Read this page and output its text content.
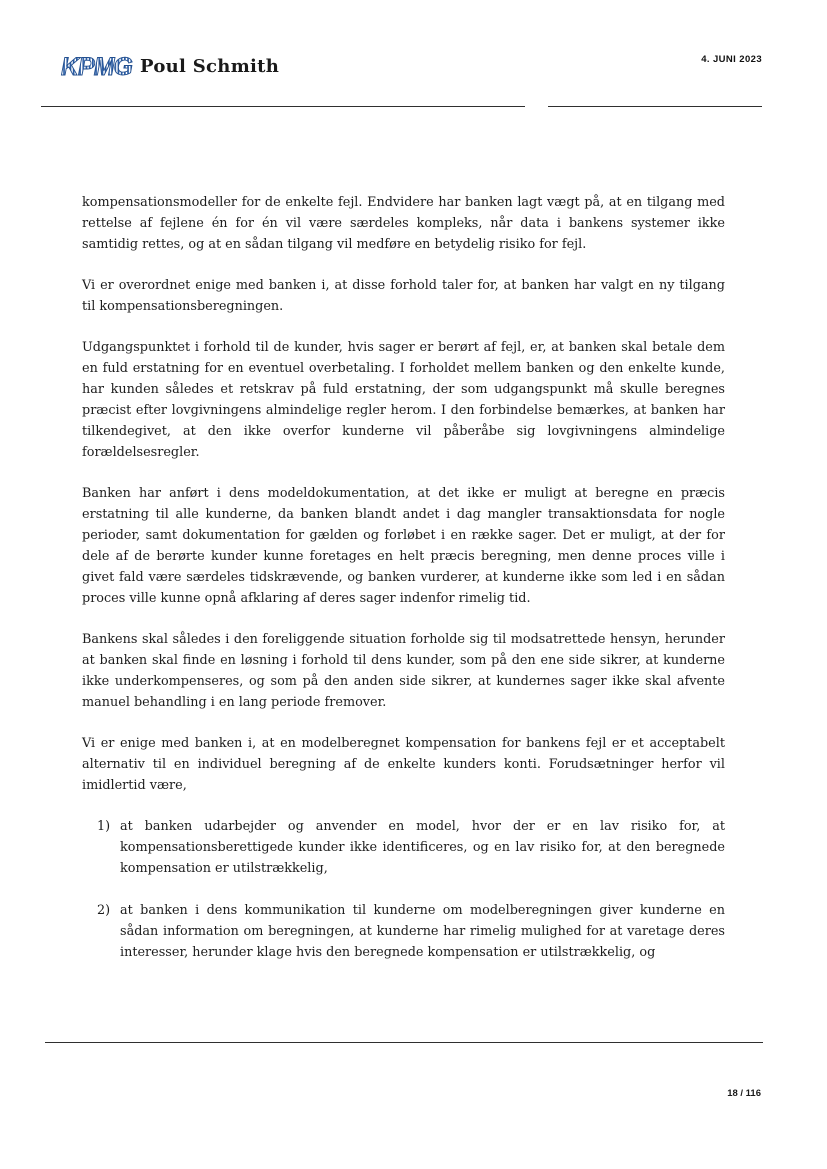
KPMG Poul Schmith	4. JUNI 2023

kompensationsmodeller for de enkelte fejl. Endvidere har banken lagt vægt på, at en tilgang med rettelse af fejlene én for én vil være særdeles kompleks, når data i bankens systemer ikke samtidig rettes, og at en sådan tilgang vil medføre en betydelig risiko for fejl.

Vi er overordnet enige med banken i, at disse forhold taler for, at banken har valgt en ny tilgang til kompensationsberegningen.

Udgangspunktet i forhold til de kunder, hvis sager er berørt af fejl, er, at banken skal betale dem en fuld erstatning for en eventuel overbetaling. I forholdet mellem banken og den enkelte kunde, har kunden således et retskrav på fuld erstatning, der som udgangspunkt må skulle beregnes præcist efter lovgivningens almindelige regler herom. I den forbindelse bemærkes, at banken har tilkendegivet, at den ikke overfor kunderne vil påberåbe sig lovgivningens almindelige forældelsesregler.

Banken har anført i dens modeldokumentation, at det ikke er muligt at beregne en præcis erstatning til alle kunderne, da banken blandt andet i dag mangler transaktionsdata for nogle perioder, samt dokumentation for gælden og forløbet i en række sager. Det er muligt, at der for dele af de berørte kunder kunne foretages en helt præcis beregning, men denne proces ville i givet fald være særdeles tidskrævende, og banken vurderer, at kunderne ikke som led i en sådan proces ville kunne opnå afklaring af deres sager indenfor rimelig tid.

Bankens skal således i den foreliggende situation forholde sig til modsatrettede hensyn, herunder at banken skal finde en løsning i forhold til dens kunder, som på den ene side sikrer, at kunderne ikke underkompenseres, og som på den anden side sikrer, at kundernes sager ikke skal afvente manuel behandling i en lang periode fremover.

Vi er enige med banken i, at en modelberegnet kompensation for bankens fejl er et acceptabelt alternativ til en individuel beregning af de enkelte kunders konti. Forudsætninger herfor vil imidlertid være,

1) at banken udarbejder og anvender en model, hvor der er en lav risiko for, at kompensationsberettigede kunder ikke identificeres, og en lav risiko for, at den beregnede kompensation er utilstrækkelig,
2) at banken i dens kommunikation til kunderne om modelberegningen giver kunderne en sådan information om beregningen, at kunderne har rimelig mulighed for at varetage deres interesser, herunder klage hvis den beregnede kompensation er utilstrækkelig, og
18 / 116
